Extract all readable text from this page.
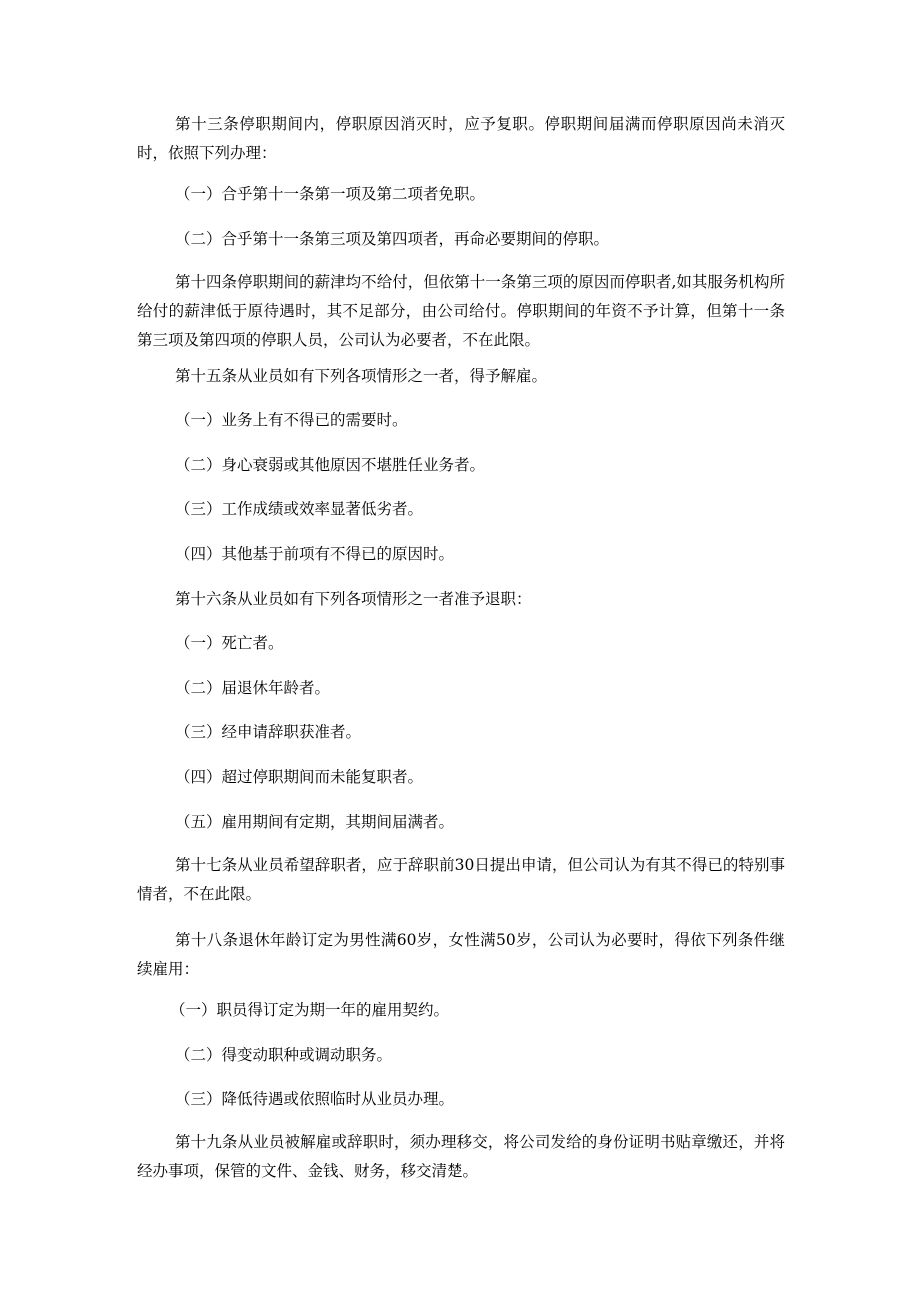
第十三条停职期间内，停职原因消灭时，应予复职。停职期间届满而停职原因尚未消灭时，依照下列办理：

（一）合乎第十一条第一项及第二项者免职。

（二）合乎第十一条第三项及第四项者，再命必要期间的停职。

第十四条停职期间的薪津均不给付，但依第十一条第三项的原因而停职者,如其服务机构所给付的薪津低于原待遇时，其不足部分，由公司给付。停职期间的年资不予计算，但第十一条第三项及第四项的停职人员，公司认为必要者，不在此限。

第十五条从业员如有下列各项情形之一者，得予解雇。

（一）业务上有不得已的需要时。

（二）身心衰弱或其他原因不堪胜任业务者。

（三）工作成绩或效率显著低劣者。

（四）其他基于前项有不得已的原因时。

第十六条从业员如有下列各项情形之一者准予退职：

（一）死亡者。

（二）届退休年龄者。

（三）经申请辞职获准者。

（四）超过停职期间而未能复职者。

（五）雇用期间有定期，其期间届满者。

第十七条从业员希望辞职者，应于辞职前30日提出申请，但公司认为有其不得已的特别事情者，不在此限。

第十八条退休年龄订定为男性满60岁，女性满50岁，公司认为必要时，得依下列条件继续雇用：

（一）职员得订定为期一年的雇用契约。

（二）得变动职种或调动职务。

（三）降低待遇或依照临时从业员办理。

第十九条从业员被解雇或辞职时，须办理移交，将公司发给的身份证明书贴章缴还，并将经办事项，保管的文件、金钱、财务，移交清楚。
